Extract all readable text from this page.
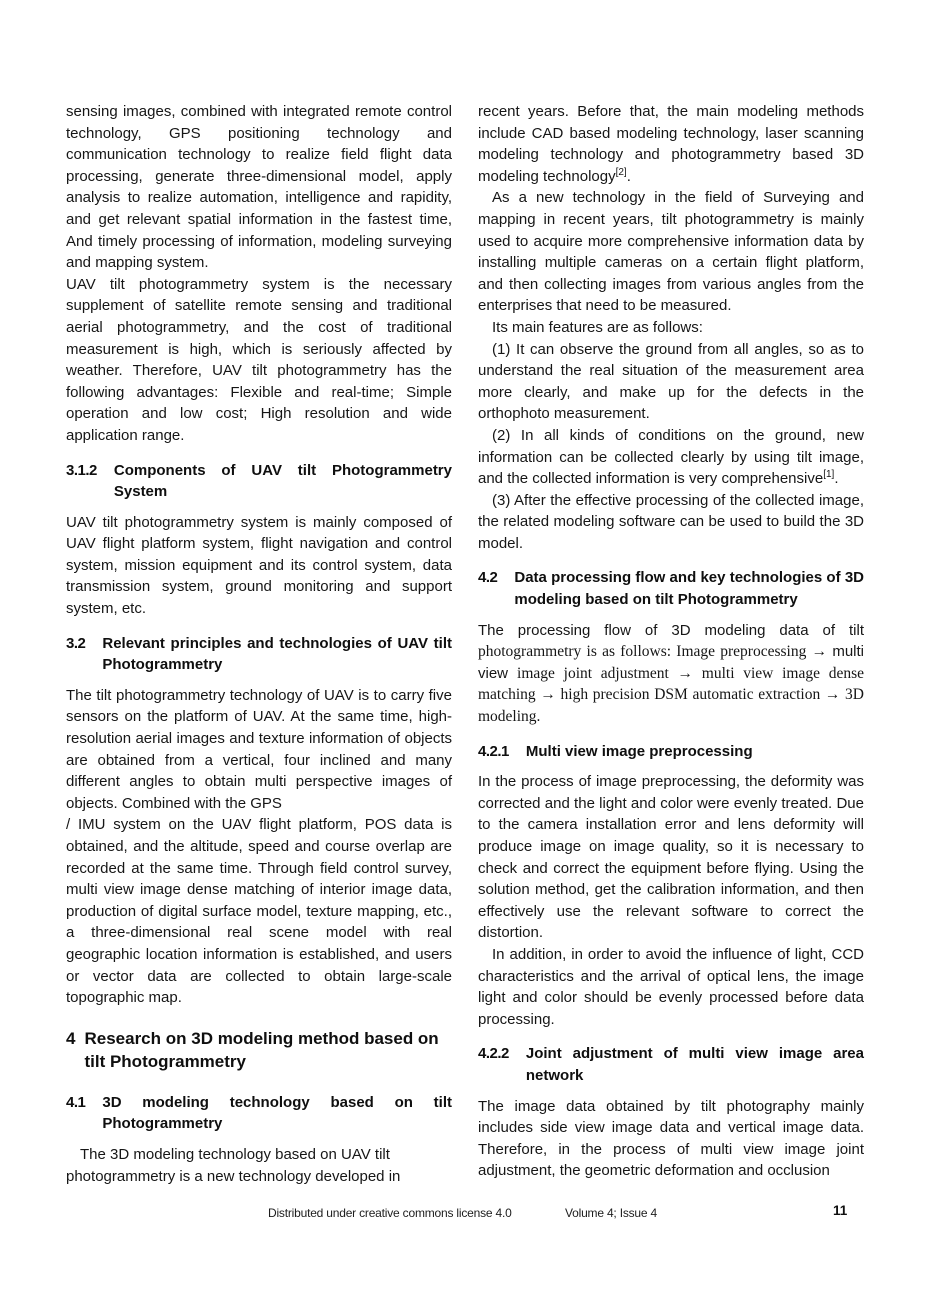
sensing images, combined with integrated remote control technology, GPS positioning technology and communication technology to realize field flight data processing, generate three-dimensional model, apply analysis to realize automation, intelligence and rapidity, and get relevant spatial information in the fastest time, And timely processing of information, modeling surveying and mapping system.

UAV tilt photogrammetry system is the necessary supplement of satellite remote sensing and traditional aerial photogrammetry, and the cost of traditional measurement is high, which is seriously affected by weather. Therefore, UAV tilt photogrammetry has the following advantages: Flexible and real-time; Simple operation and low cost; High resolution and wide application range.

3.1.2 Components of UAV tilt Photogrammetry System

UAV tilt photogrammetry system is mainly composed of UAV flight platform system, flight navigation and control system, mission equipment and its control system, data transmission system, ground monitoring and support system, etc.

3.2 Relevant principles and technologies of UAV tilt Photogrammetry

The tilt photogrammetry technology of UAV is to carry five sensors on the platform of UAV. At the same time, high-resolution aerial images and texture information of objects are obtained from a vertical, four inclined and many different angles to obtain multi perspective images of objects. Combined with the GPS

/ IMU system on the UAV flight platform, POS data is obtained, and the altitude, speed and course overlap are recorded at the same time. Through field control survey, multi view image dense matching of interior image data, production of digital surface model, texture mapping, etc., a three-dimensional real scene model with real geographic location information is established, and users or vector data are collected to obtain large-scale topographic map.

4 Research on 3D modeling method based on tilt Photogrammetry
4.1 3D modeling technology based on tilt Photogrammetry

The 3D modeling technology based on UAV tilt photogrammetry is a new technology developed in

recent years. Before that, the main modeling methods include CAD based modeling technology, laser scanning modeling technology and photogrammetry based 3D modeling technology[2].

As a new technology in the field of Surveying and mapping in recent years, tilt photogrammetry is mainly used to acquire more comprehensive information data by installing multiple cameras on a certain flight platform, and then collecting images from various angles from the enterprises that need to be measured.

Its main features are as follows:

(1) It can observe the ground from all angles, so as to understand the real situation of the measurement area more clearly, and make up for the defects in the orthophoto measurement.

(2) In all kinds of conditions on the ground, new information can be collected clearly by using tilt image, and the collected information is very comprehensive[1].

(3) After the effective processing of the collected image, the related modeling software can be used to build the 3D model.

4.2 Data processing flow and key technologies of 3D modeling based on tilt Photogrammetry

The processing flow of 3D modeling data of tilt photogrammetry is as follows: Image preprocessing → multi view image joint adjustment → multi view image dense matching → high precision DSM automatic extraction → 3D modeling.

4.2.1 Multi view image preprocessing

In the process of image preprocessing, the deformity was corrected and the light and color were evenly treated. Due to the camera installation error and lens deformity will produce image on image quality, so it is necessary to check and correct the equipment before flying. Using the solution method, get the calibration information, and then effectively use the relevant software to correct the distortion.

In addition, in order to avoid the influence of light, CCD characteristics and the arrival of optical lens, the image light and color should be evenly processed before data processing.

4.2.2 Joint adjustment of multi view image area network

The image data obtained by tilt photography mainly includes side view image data and vertical image data. Therefore, in the process of multi view image joint adjustment, the geometric deformation and occlusion

Distributed under creative commons license 4.0	Volume 4; Issue 4	11
